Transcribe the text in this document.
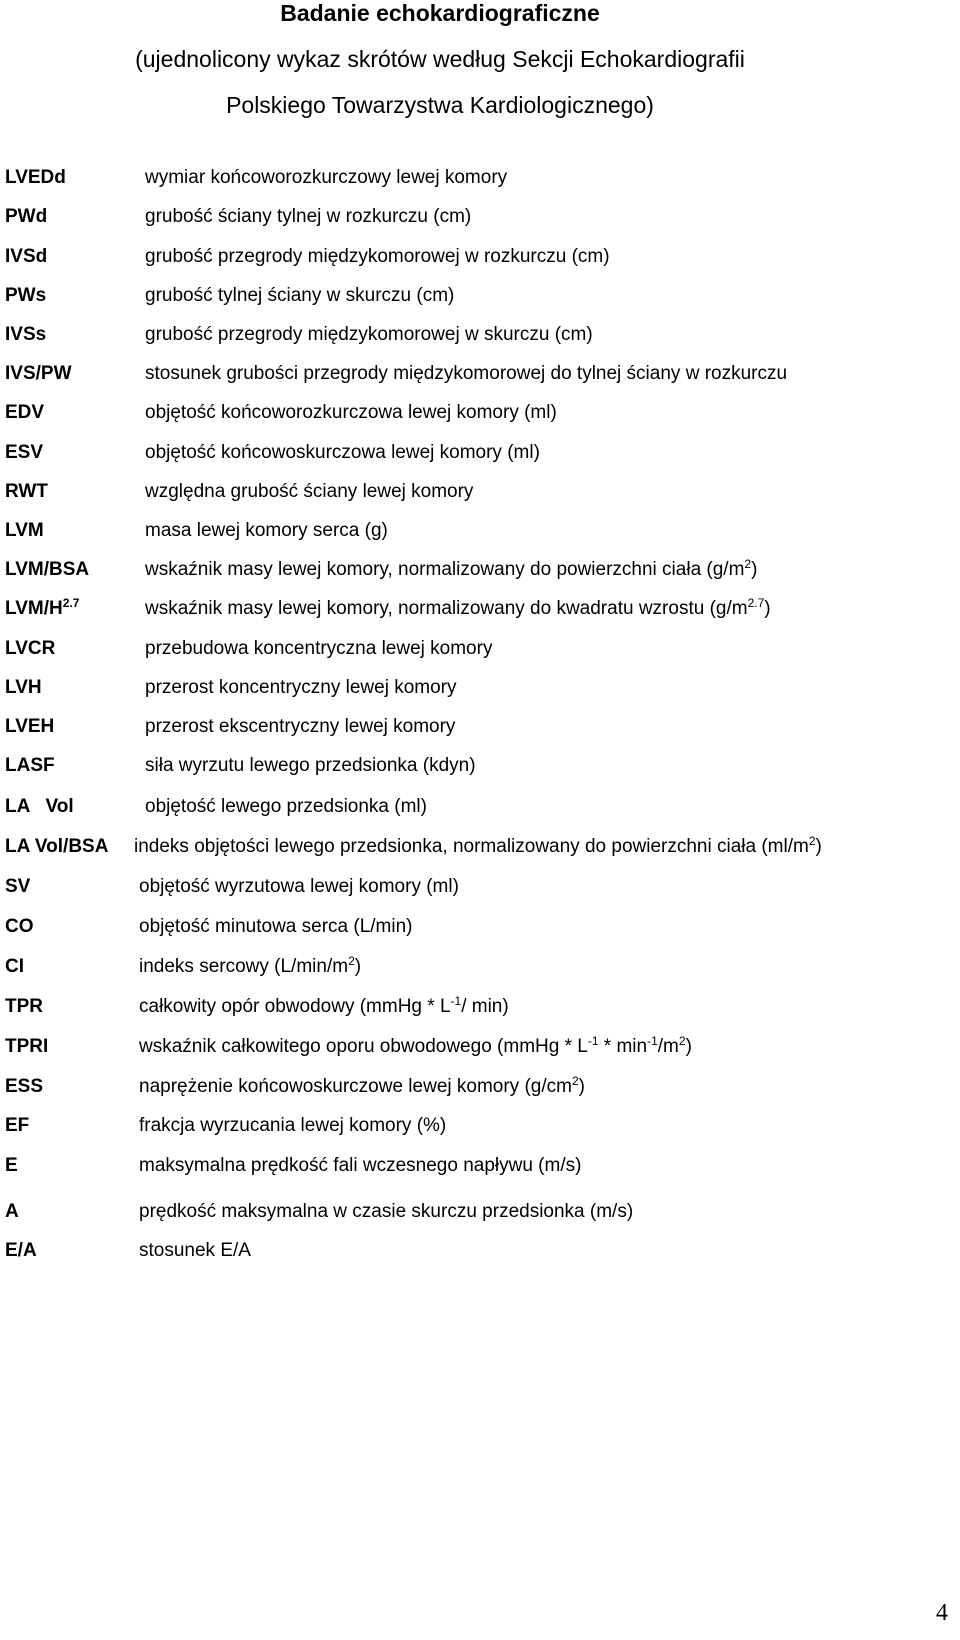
Badanie echokardiograficzne
(ujednolicony wykaz skrótów według Sekcji Echokardiografii
Polskiego Towarzystwa Kardiologicznego)
LVEDd	wymiar końcoworozkurczowy lewej komory
PWd	grubość ściany tylnej w rozkurczu (cm)
IVSd	grubość przegrody międzykomorowej w rozkurczu (cm)
PWs	grubość tylnej ściany w skurczu (cm)
IVSs	grubość przegrody międzykomorowej w skurczu (cm)
IVS/PW	stosunek grubości przegrody międzykomorowej do tylnej ściany w rozkurczu
EDV	objętość końcoworozkurczowa lewej komory (ml)
ESV	objętość końcowoskurczowa lewej komory (ml)
RWT	względna grubość ściany lewej komory
LVM	masa lewej komory serca (g)
LVM/BSA	wskaźnik masy lewej komory, normalizowany do powierzchni ciała $(g/m^2)$
LVM/$H^{2.7}$	wskaźnik masy lewej komory, normalizowany do kwadratu wzrostu $(g/m^{2.7})$
LVCR	przebudowa koncentryczna lewej komory
LVH	przerost koncentryczny lewej komory
LVEH	przerost ekscentryczny lewej komory
LASF	siła wyrzutu lewego przedsionka (kdyn)
LA   Vol	objętość lewego przedsionka (ml)
LA Vol/BSA indeks objętości lewego przedsionka, normalizowany do powierzchni ciała $(ml/m^2)$
SV	objętość wyrzutowa lewej komory (ml)
CO	objętość minutowa serca (L/min)
CI	indeks sercowy $(L/\min/m^2)$
TPR	całkowity opór obwodowy (mmHg * $L^{-1}/$ min)
TPRI	wskaźnik całkowitego oporu obwodowego (mmHg * $L^{-1} * \min^{-1}/m^2$)
ESS	naprężenie końcowoskurczowe lewej komory $(g/cm^2)$
EF	frakcja wyrzucania lewej komory (%)
E	maksymalna prędkość fali wczesnego napływu (m/s)
A	prędkość maksymalna w czasie skurczu przedsionka (m/s)
E/A	stosunek E/A
4
